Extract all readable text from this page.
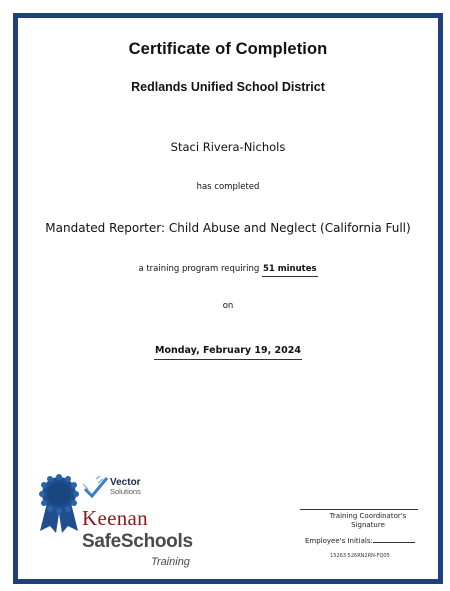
Certificate of Completion
Redlands Unified School District
Staci Rivera-Nichols
has completed
Mandated Reporter: Child Abuse and Neglect (California Full)
a training program requiring 51 minutes
on
Monday, February 19, 2024
Vector
Solutions
Keenan
SafeSchools
Training
Training Coordinator's Signature
Employee's Initials:
15263 526RN2RN-FQ05
